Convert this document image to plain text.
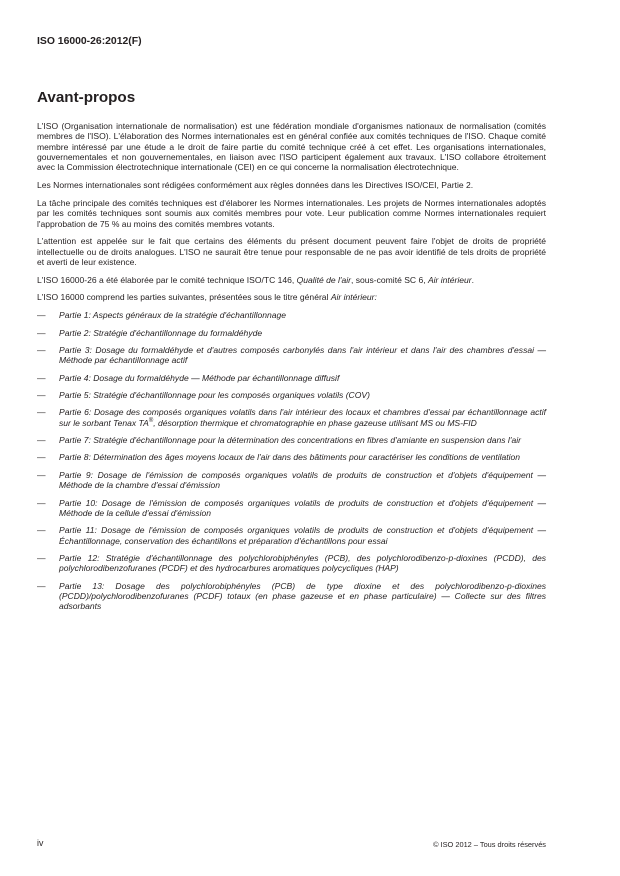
ISO 16000-26:2012(F)
Avant-propos

L'ISO (Organisation internationale de normalisation) est une fédération mondiale d'organismes nationaux de normalisation (comités membres de l'ISO). L'élaboration des Normes internationales est en général confiée aux comités techniques de l'ISO. Chaque comité membre intéressé par une étude a le droit de faire partie du comité technique créé à cet effet. Les organisations internationales, gouvernementales et non gouvernementales, en liaison avec l'ISO participent également aux travaux. L'ISO collabore étroitement avec la Commission électrotechnique internationale (CEI) en ce qui concerne la normalisation électrotechnique.

Les Normes internationales sont rédigées conformément aux règles données dans les Directives ISO/CEI, Partie 2.

La tâche principale des comités techniques est d'élaborer les Normes internationales. Les projets de Normes internationales adoptés par les comités techniques sont soumis aux comités membres pour vote. Leur publication comme Normes internationales requiert l'approbation de 75 % au moins des comités membres votants.

L'attention est appelée sur le fait que certains des éléments du présent document peuvent faire l'objet de droits de propriété intellectuelle ou de droits analogues. L'ISO ne saurait être tenue pour responsable de ne pas avoir identifié de tels droits de propriété et averti de leur existence.

L'ISO 16000-26 a été élaborée par le comité technique ISO/TC 146, Qualité de l'air, sous-comité SC 6, Air intérieur.

L'ISO 16000 comprend les parties suivantes, présentées sous le titre général Air intérieur:

— Partie 1: Aspects généraux de la stratégie d'échantillonnage
— Partie 2: Stratégie d'échantillonnage du formaldéhyde
— Partie 3: Dosage du formaldéhyde et d'autres composés carbonylés dans l'air intérieur et dans l'air des chambres d'essai — Méthode par échantillonnage actif
— Partie 4: Dosage du formaldéhyde — Méthode par échantillonnage diffusif
— Partie 5: Stratégie d'échantillonnage pour les composés organiques volatils (COV)
— Partie 6: Dosage des composés organiques volatils dans l'air intérieur des locaux et chambres d'essai par échantillonnage actif sur le sorbant Tenax TA®, désorption thermique et chromatographie en phase gazeuse utilisant MS ou MS-FID
— Partie 7: Stratégie d'échantillonnage pour la détermination des concentrations en fibres d'amiante en suspension dans l'air
— Partie 8: Détermination des âges moyens locaux de l'air dans des bâtiments pour caractériser les conditions de ventilation
— Partie 9: Dosage de l'émission de composés organiques volatils de produits de construction et d'objets d'équipement — Méthode de la chambre d'essai d'émission
— Partie 10: Dosage de l'émission de composés organiques volatils de produits de construction et d'objets d'équipement — Méthode de la cellule d'essai d'émission
— Partie 11: Dosage de l'émission de composés organiques volatils de produits de construction et d'objets d'équipement — Échantillonnage, conservation des échantillons et préparation d'échantillons pour essai
— Partie 12: Stratégie d'échantillonnage des polychlorobiphényles (PCB), des polychlorodibenzo-p-dioxines (PCDD), des polychlorodibenzofuranes (PCDF) et des hydrocarbures aromatiques polycycliques (HAP)
— Partie 13: Dosage des polychlorobiphényles (PCB) de type dioxine et des polychlorodibenzo-p-dioxines (PCDD)/polychlorodibenzofuranes (PCDF) totaux (en phase gazeuse et en phase particulaire) — Collecte sur des filtres adsorbants
iv	© ISO 2012 – Tous droits réservés
